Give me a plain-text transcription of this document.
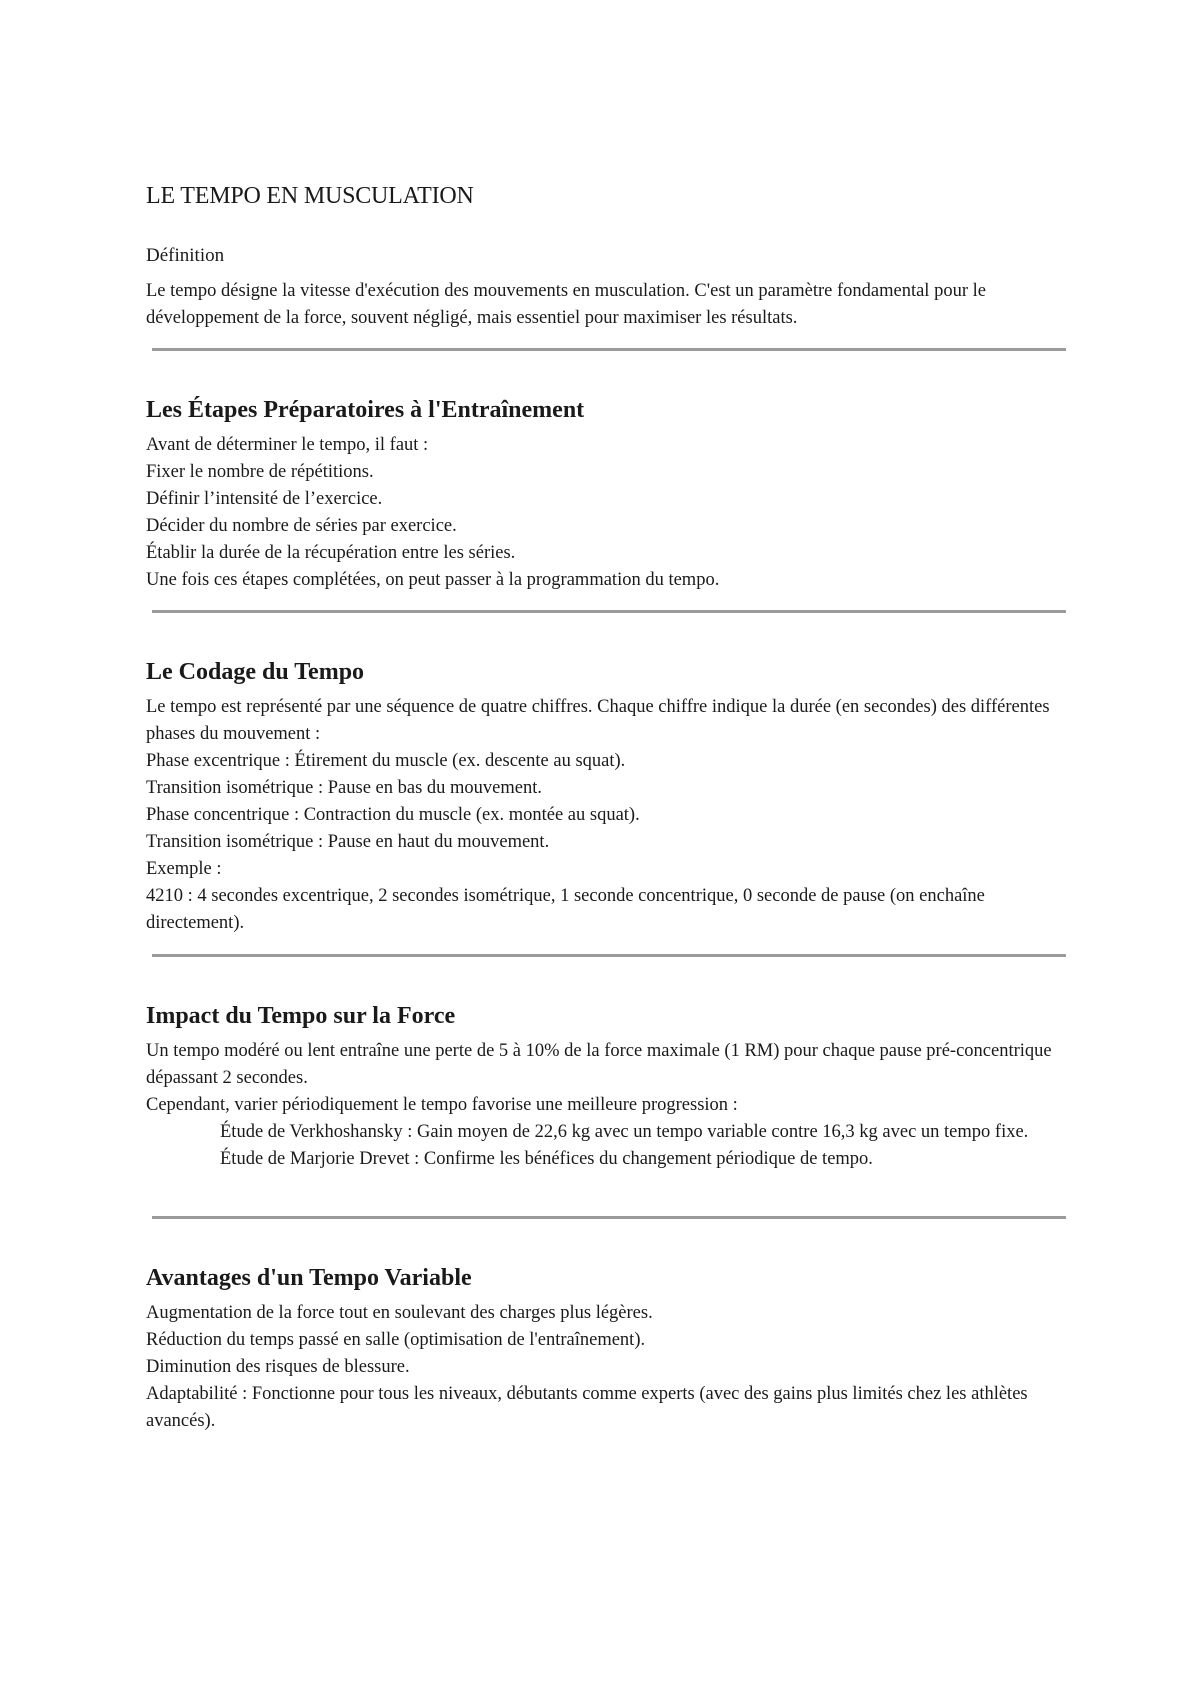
LE TEMPO EN MUSCULATION
Définition
Le tempo désigne la vitesse d'exécution des mouvements en musculation. C'est un paramètre fondamental pour le développement de la force, souvent négligé, mais essentiel pour maximiser les résultats.
Les Étapes Préparatoires à l'Entraînement
Avant de déterminer le tempo, il faut :
Fixer le nombre de répétitions.
Définir l’intensité de l’exercice.
Décider du nombre de séries par exercice.
Établir la durée de la récupération entre les séries.
Une fois ces étapes complétées, on peut passer à la programmation du tempo.
Le Codage du Tempo
Le tempo est représenté par une séquence de quatre chiffres. Chaque chiffre indique la durée (en secondes) des différentes phases du mouvement :
Phase excentrique : Étirement du muscle (ex. descente au squat).
Transition isométrique : Pause en bas du mouvement.
Phase concentrique : Contraction du muscle (ex. montée au squat).
Transition isométrique : Pause en haut du mouvement.
Exemple :
4210 : 4 secondes excentrique, 2 secondes isométrique, 1 seconde concentrique, 0 seconde de pause (on enchaîne directement).
Impact du Tempo sur la Force
Un tempo modéré ou lent entraîne une perte de 5 à 10% de la force maximale (1 RM) pour chaque pause pré-concentrique dépassant 2 secondes.
Cependant, varier périodiquement le tempo favorise une meilleure progression :
Étude de Verkhoshansky : Gain moyen de 22,6 kg avec un tempo variable contre 16,3 kg avec un tempo fixe.
Étude de Marjorie Drevet : Confirme les bénéfices du changement périodique de tempo.
Avantages d'un Tempo Variable
Augmentation de la force tout en soulevant des charges plus légères.
Réduction du temps passé en salle (optimisation de l'entraînement).
Diminution des risques de blessure.
Adaptabilité : Fonctionne pour tous les niveaux, débutants comme experts (avec des gains plus limités chez les athlètes avancés).
